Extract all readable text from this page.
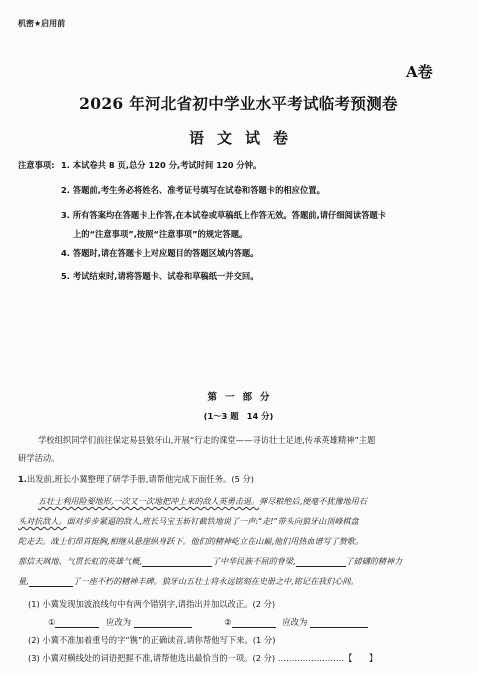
机密★启用前
A卷
2026 年河北省初中学业水平考试临考预测卷
语文试卷
注意事项: 1. 本试卷共 8 页,总分 120 分,考试时间 120 分钟。
2. 答题前,考生务必将姓名、准考证号填写在试卷和答题卡的相应位置。
3. 所有答案均在答题卡上作答,在本试卷或草稿纸上作答无效。答题前,请仔细阅读答题卡
上的“注意事项”,按照“注意事项”的规定答题。
4. 答题时,请在答题卡上对应题目的答题区域内答题。
5. 考试结束时,请将答题卡、试卷和草稿纸一并交回。
第一部分
(1～3 题　14 分)
学校组织同学们前往保定易县狼牙山,开展“行走的课堂——寻访壮士足迹,传承英雄精神”主题
研学活动。
1.出发前,班长小冀整理了研学手册,请帮他完成下面任务。(5 分)
五壮士利用险要地形,一次又一次地把冲上来的敌人英勇击退。弹尽粮绝后,便毫不犹豫地用石
头对抗敌人。面对步步紧逼的敌人,班长马宝玉斩钉截铁地说了一声:“走!”带头向狼牙山顶峰棋盘
陀走去。战士们昂首挺胸,相继从悬崖纵身跃下。他们的精神屹立在山巅,他们用热血谱写了赞歌。
那信天飒地、气贯长虹的英雄气概,	了中华民族不屈的脊梁,	了磅礴的精神力
量,	了一座不朽的精神丰碑。狼牙山五壮士将永远铭刻在史册之中,铭记在我们心间。
(1) 小冀发现加波浪线句中有两个错别字,请指出并加以改正。(2 分)
①	应改为	②	应改为
(2) 小冀不准加着重号的字“镌”的正确读音,请你帮他写下来。(1 分)
(3) 小冀对横线处的词语把握不准,请帮他选出最恰当的一项。(2 分) ……………………【　　】
